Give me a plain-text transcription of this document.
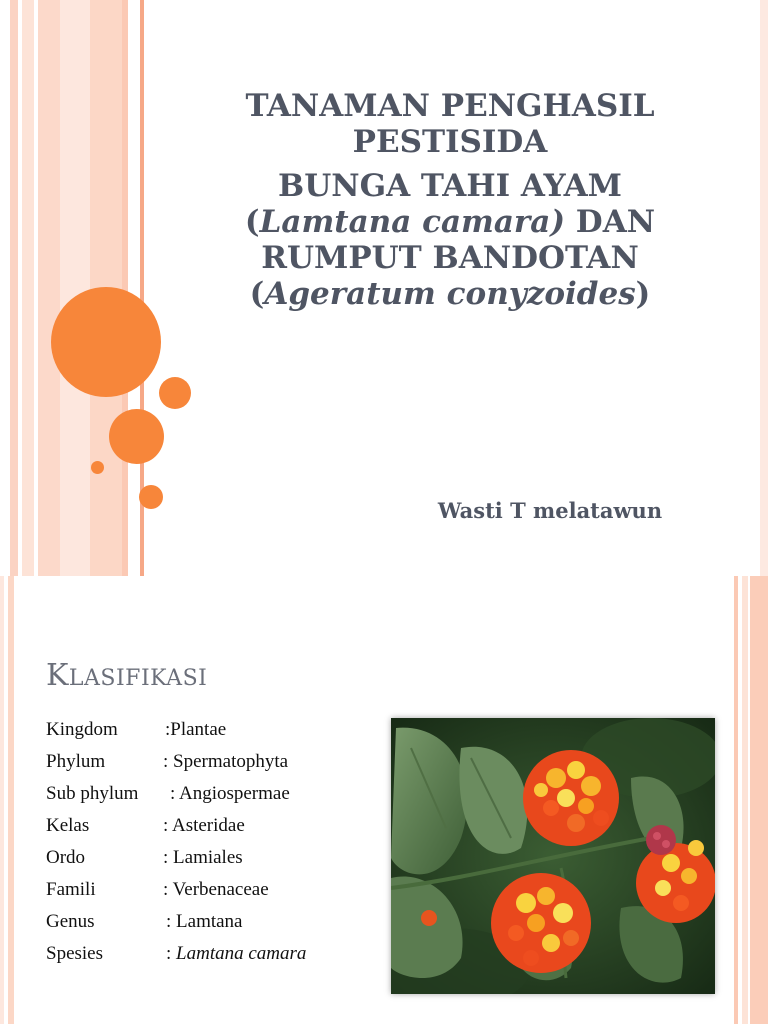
TANAMAN PENGHASIL
PESTISIDA
BUNGA TAHI AYAM
(Lamtana camara) DAN
RUMPUT BANDOTAN
(Ageratum conyzoides)
Wasti T melatawun
KLASIFIKASI
Kingdom :Plantae
Phylum	: Spermatophyta
Sub phylum : Angiospermae
Kelas	: Asteridae
Ordo	: Lamiales
Famili	: Verbenaceae
Genus	: Lamtana
Spesies	: Lamtana camara
